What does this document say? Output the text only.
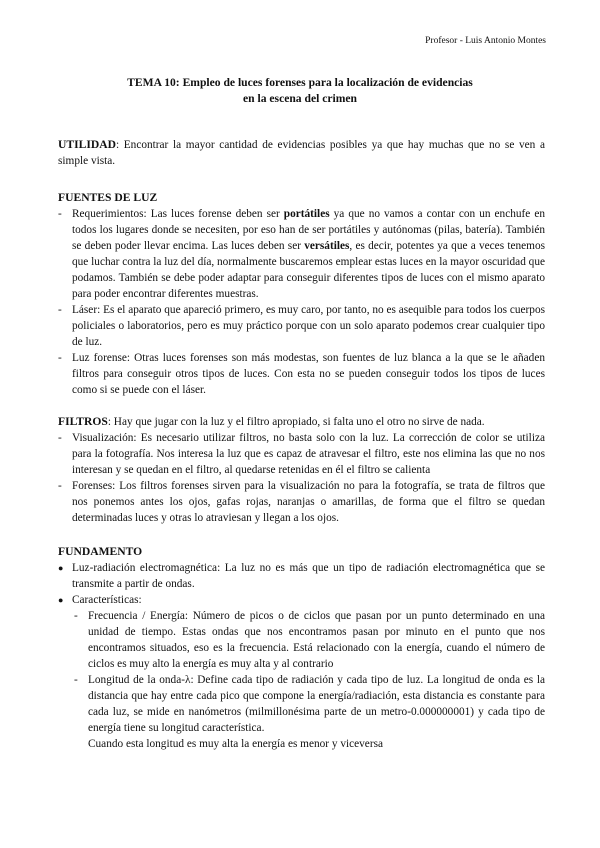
Profesor - Luis Antonio Montes
TEMA 10: Empleo de luces forenses para la localización de evidencias
en la escena del crimen

UTILIDAD: Encontrar la mayor cantidad de evidencias posibles ya que hay muchas que no se ven a simple vista.

FUENTES DE LUZ

- Requerimientos: Las luces forense deben ser portátiles ya que no vamos a contar con un enchufe en todos los lugares donde se necesiten, por eso han de ser portátiles y autónomas (pilas, batería). También se deben poder llevar encima. Las luces deben ser versátiles, es decir, potentes ya que a veces tenemos que luchar contra la luz del día, normalmente buscaremos emplear estas luces en la mayor oscuridad que podamos. También se debe poder adaptar para conseguir diferentes tipos de luces con el mismo aparato para poder encontrar diferentes muestras.
- Láser: Es el aparato que apareció primero, es muy caro, por tanto, no es asequible para todos los cuerpos policiales o laboratorios, pero es muy práctico porque con un solo aparato podemos crear cualquier tipo de luz.
- Luz forense: Otras luces forenses son más modestas, son fuentes de luz blanca a la que se le añaden filtros para conseguir otros tipos de luces. Con esta no se pueden conseguir todos los tipos de luces como si se puede con el láser.

FILTROS: Hay que jugar con la luz y el filtro apropiado, si falta uno el otro no sirve de nada.

- Visualización: Es necesario utilizar filtros, no basta solo con la luz. La corrección de color se utiliza para la fotografía. Nos interesa la luz que es capaz de atravesar el filtro, este nos elimina las que no nos interesan y se quedan en el filtro, al quedarse retenidas en él el filtro se calienta
- Forenses: Los filtros forenses sirven para la visualización no para la fotografía, se trata de filtros que nos ponemos antes los ojos, gafas rojas, naranjas o amarillas, de forma que el filtro se quedan determinadas luces y otras lo atraviesan y llegan a los ojos.

FUNDAMENTO

● Luz-radiación electromagnética: La luz no es más que un tipo de radiación electromagnética que se transmite a partir de ondas.
● Características:
- Frecuencia / Energía: Número de picos o de ciclos que pasan por un punto determinado en una unidad de tiempo. Estas ondas que nos encontramos pasan por minuto en el punto que nos encontramos situados, eso es la frecuencia. Está relacionado con la energía, cuando el número de ciclos es muy alto la energía es muy alta y al contrario
- Longitud de la onda-λ: Define cada tipo de radiación y cada tipo de luz. La longitud de onda es la distancia que hay entre cada pico que compone la energía/radiación, esta distancia es constante para cada luz, se mide en nanómetros (milmillonésima parte de un metro-0.000000001) y cada tipo de energía tiene su longitud característica.
Cuando esta longitud es muy alta la energía es menor y viceversa
